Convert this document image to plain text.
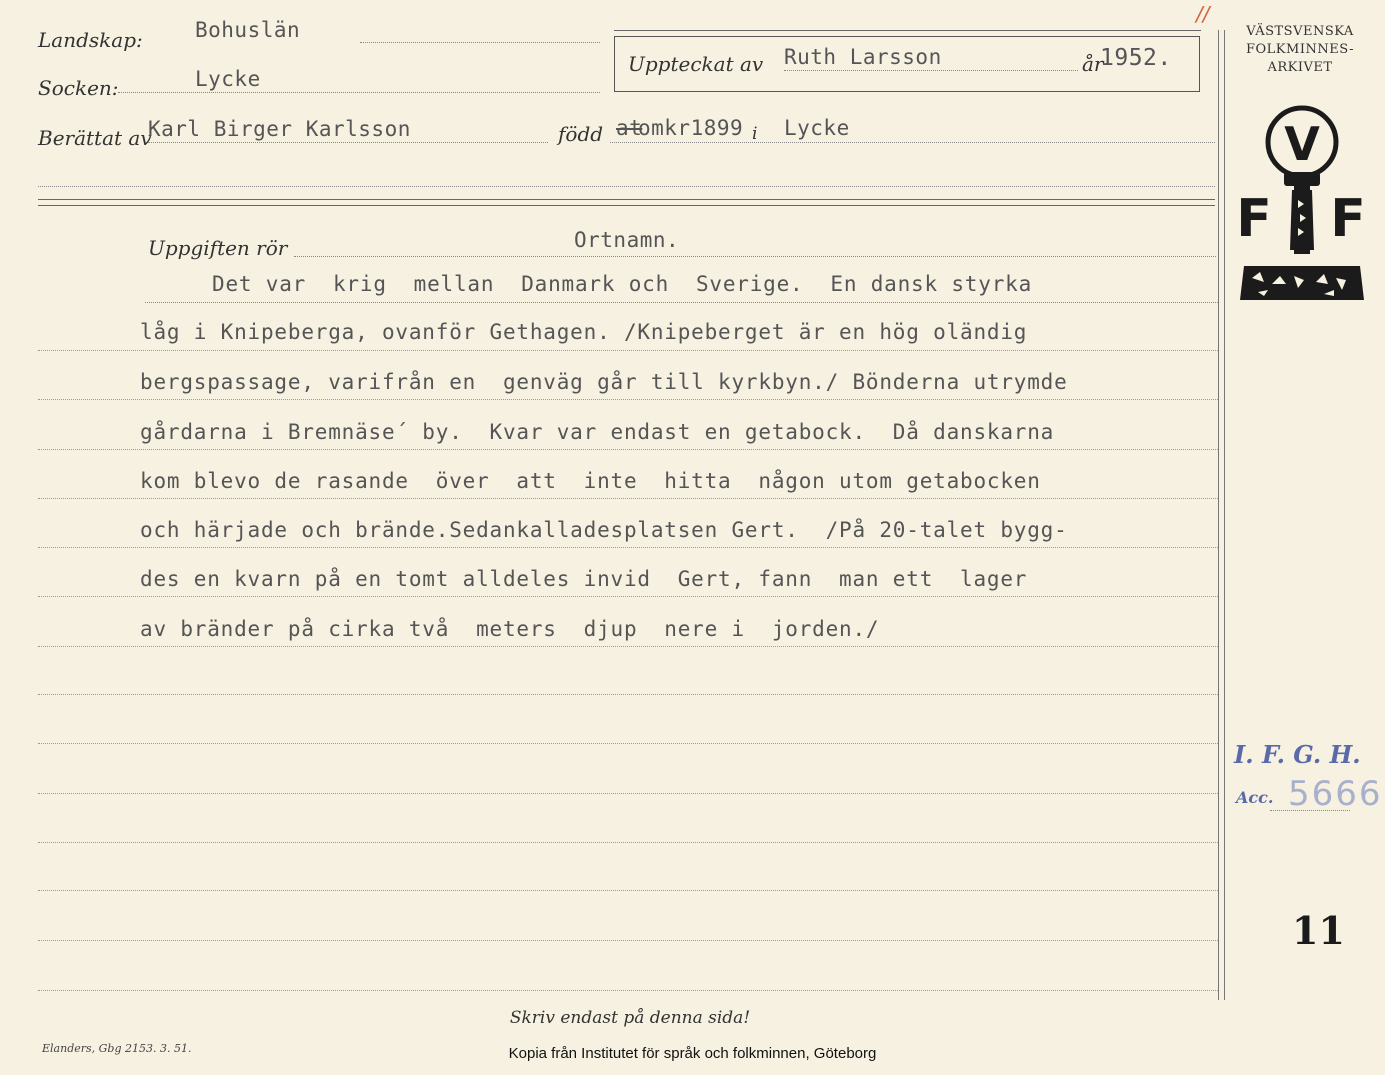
Landskap: Bohuslän
Socken:	Lycke
Berättat av
Karl Birger Karlsson	född at
omkr1899 i Lycke
Uppteckat av Ruth Larsson	år
1952.
//
VÄSTSVENSKA
FOLKMINNES-
ARKIVET
V
F F
I. F. G. H.
Acc. 5666
11
Uppgiften rör	Ortnamn.
Det var  krig  mellan  Danmark och  Sverige.  En dansk styrka
låg i Knipeberga, ovanför Gethagen. /Knipeberget är en hög oländig
bergspassage, varifrån en  genväg går till kyrkbyn./ Bönderna utrymde
gårdarna i Bremnäse´ by.  Kvar var endast en getabock.  Då danskarna
kom blevo de rasande  över  att  inte  hitta  någon utom getabocken
och härjade och brände.Sedankalladesplatsen Gert.  /På 20-talet bygg-
des en kvarn på en tomt alldeles invid  Gert, fann  man ett  lager
av bränder på cirka två  meters  djup  nere i  jorden./
Skriv endast på denna sida!
Elanders, Gbg 2153. 3. 51.	Kopia från Institutet för språk och folkminnen, Göteborg
